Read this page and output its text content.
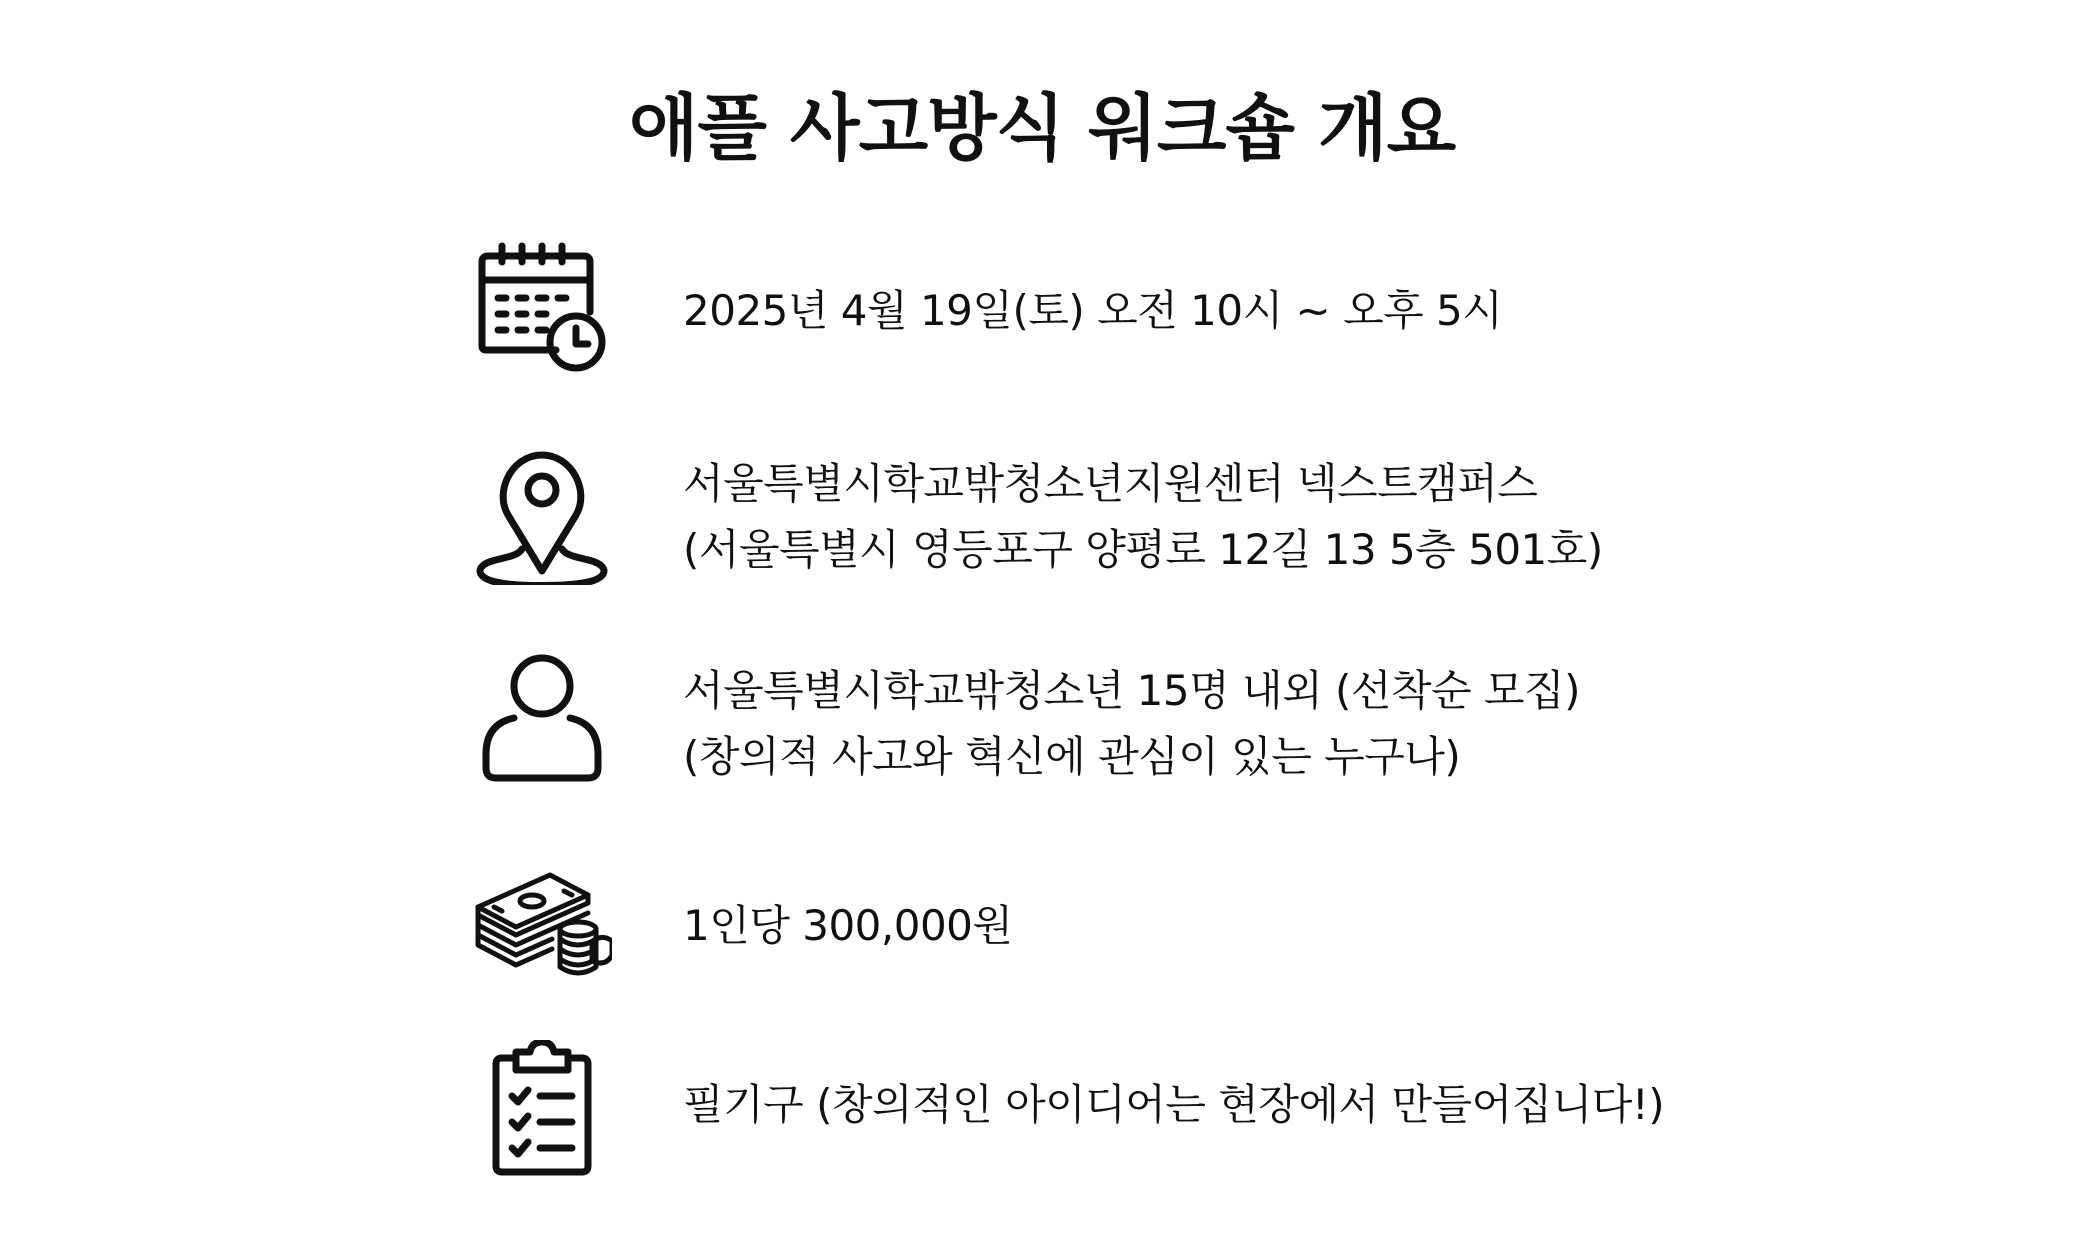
애플 사고방식 워크숍 개요
2025년 4월 19일(토) 오전 10시 ~ 오후 5시
서울특별시학교밖청소년지원센터 넥스트캠퍼스
(서울특별시 영등포구 양평로 12길 13 5층 501호)
서울특별시학교밖청소년 15명 내외 (선착순 모집)
(창의적 사고와 혁신에 관심이 있는 누구나)
1인당 300,000원
필기구 (창의적인 아이디어는 현장에서 만들어집니다!)
